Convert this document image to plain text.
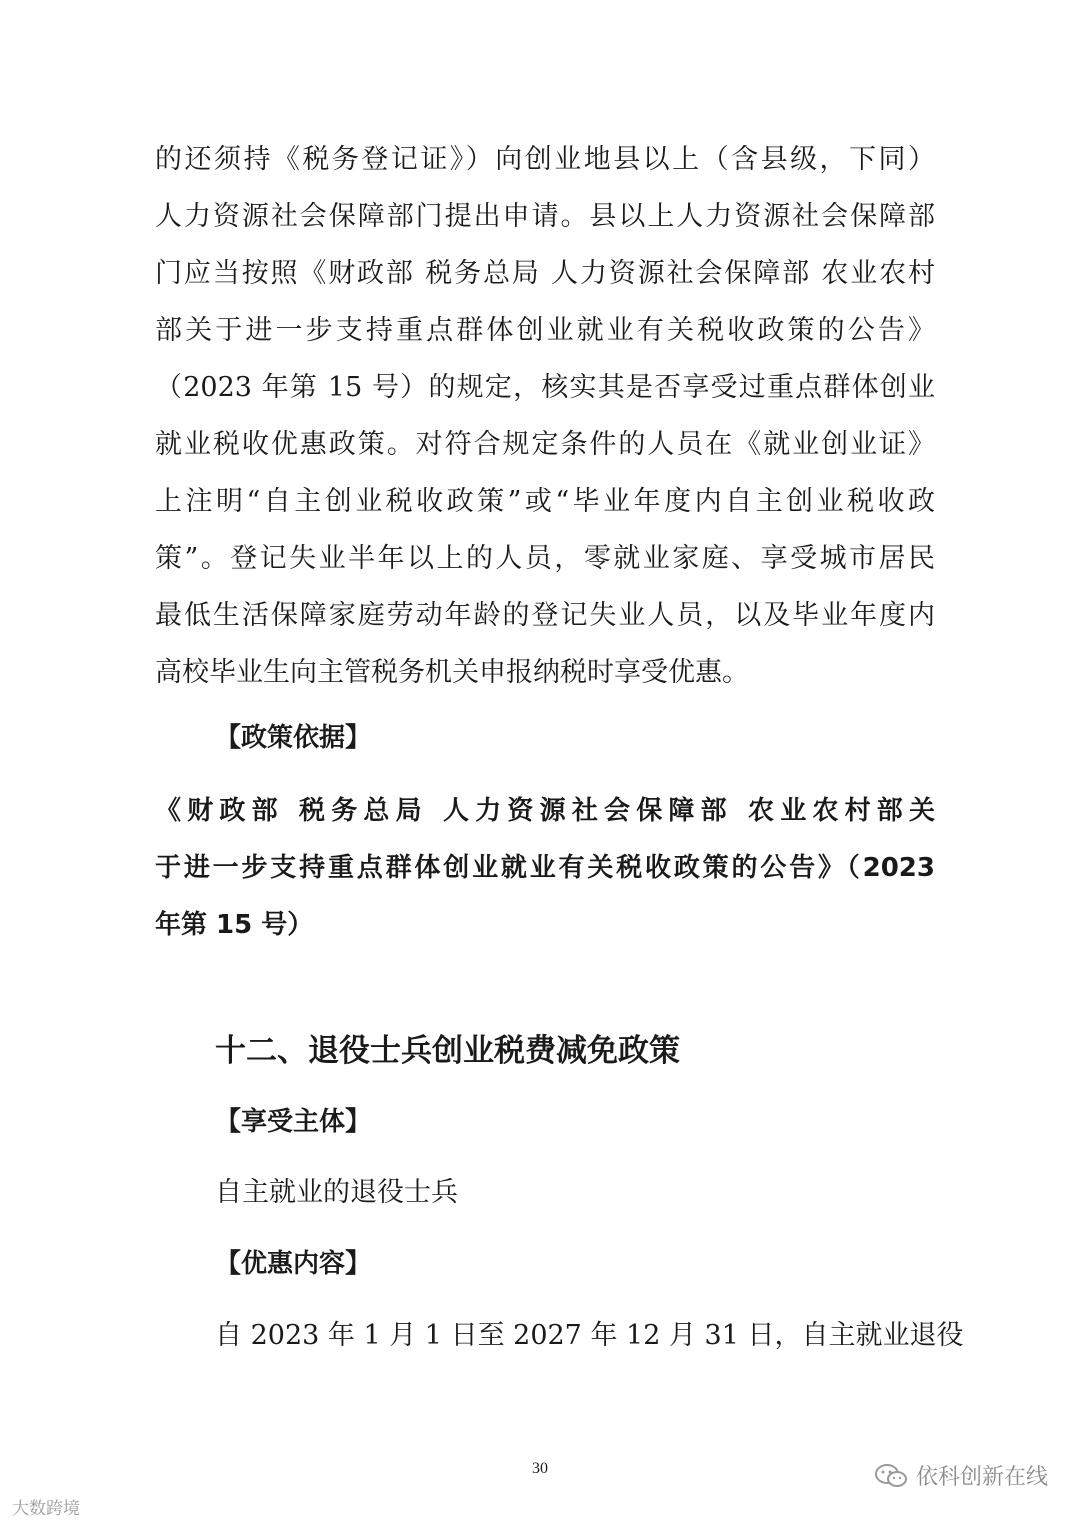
的还须持《税务登记证》）向创业地县以上（含县级，下同）
人力资源社会保障部门提出申请。县以上人力资源社会保障部
门应当按照《财政部 税务总局 人力资源社会保障部 农业农村
部关于进一步支持重点群体创业就业有关税收政策的公告》
（2023 年第 15 号）的规定，核实其是否享受过重点群体创业
就业税收优惠政策。对符合规定条件的人员在《就业创业证》
上注明“自主创业税收政策”或“毕业年度内自主创业税收政
策”。登记失业半年以上的人员，零就业家庭、享受城市居民
最低生活保障家庭劳动年龄的登记失业人员，以及毕业年度内
高校毕业生向主管税务机关申报纳税时享受优惠。
【政策依据】
《财政部 税务总局 人力资源社会保障部 农业农村部关
于进一步支持重点群体创业就业有关税收政策的公告》（2023
年第 15 号）
十二、退役士兵创业税费减免政策
【享受主体】
自主就业的退役士兵
【优惠内容】
自 2023 年 1 月 1 日至 2027 年 12 月 31 日，自主就业退役
30
大数跨境
依科创新在线
